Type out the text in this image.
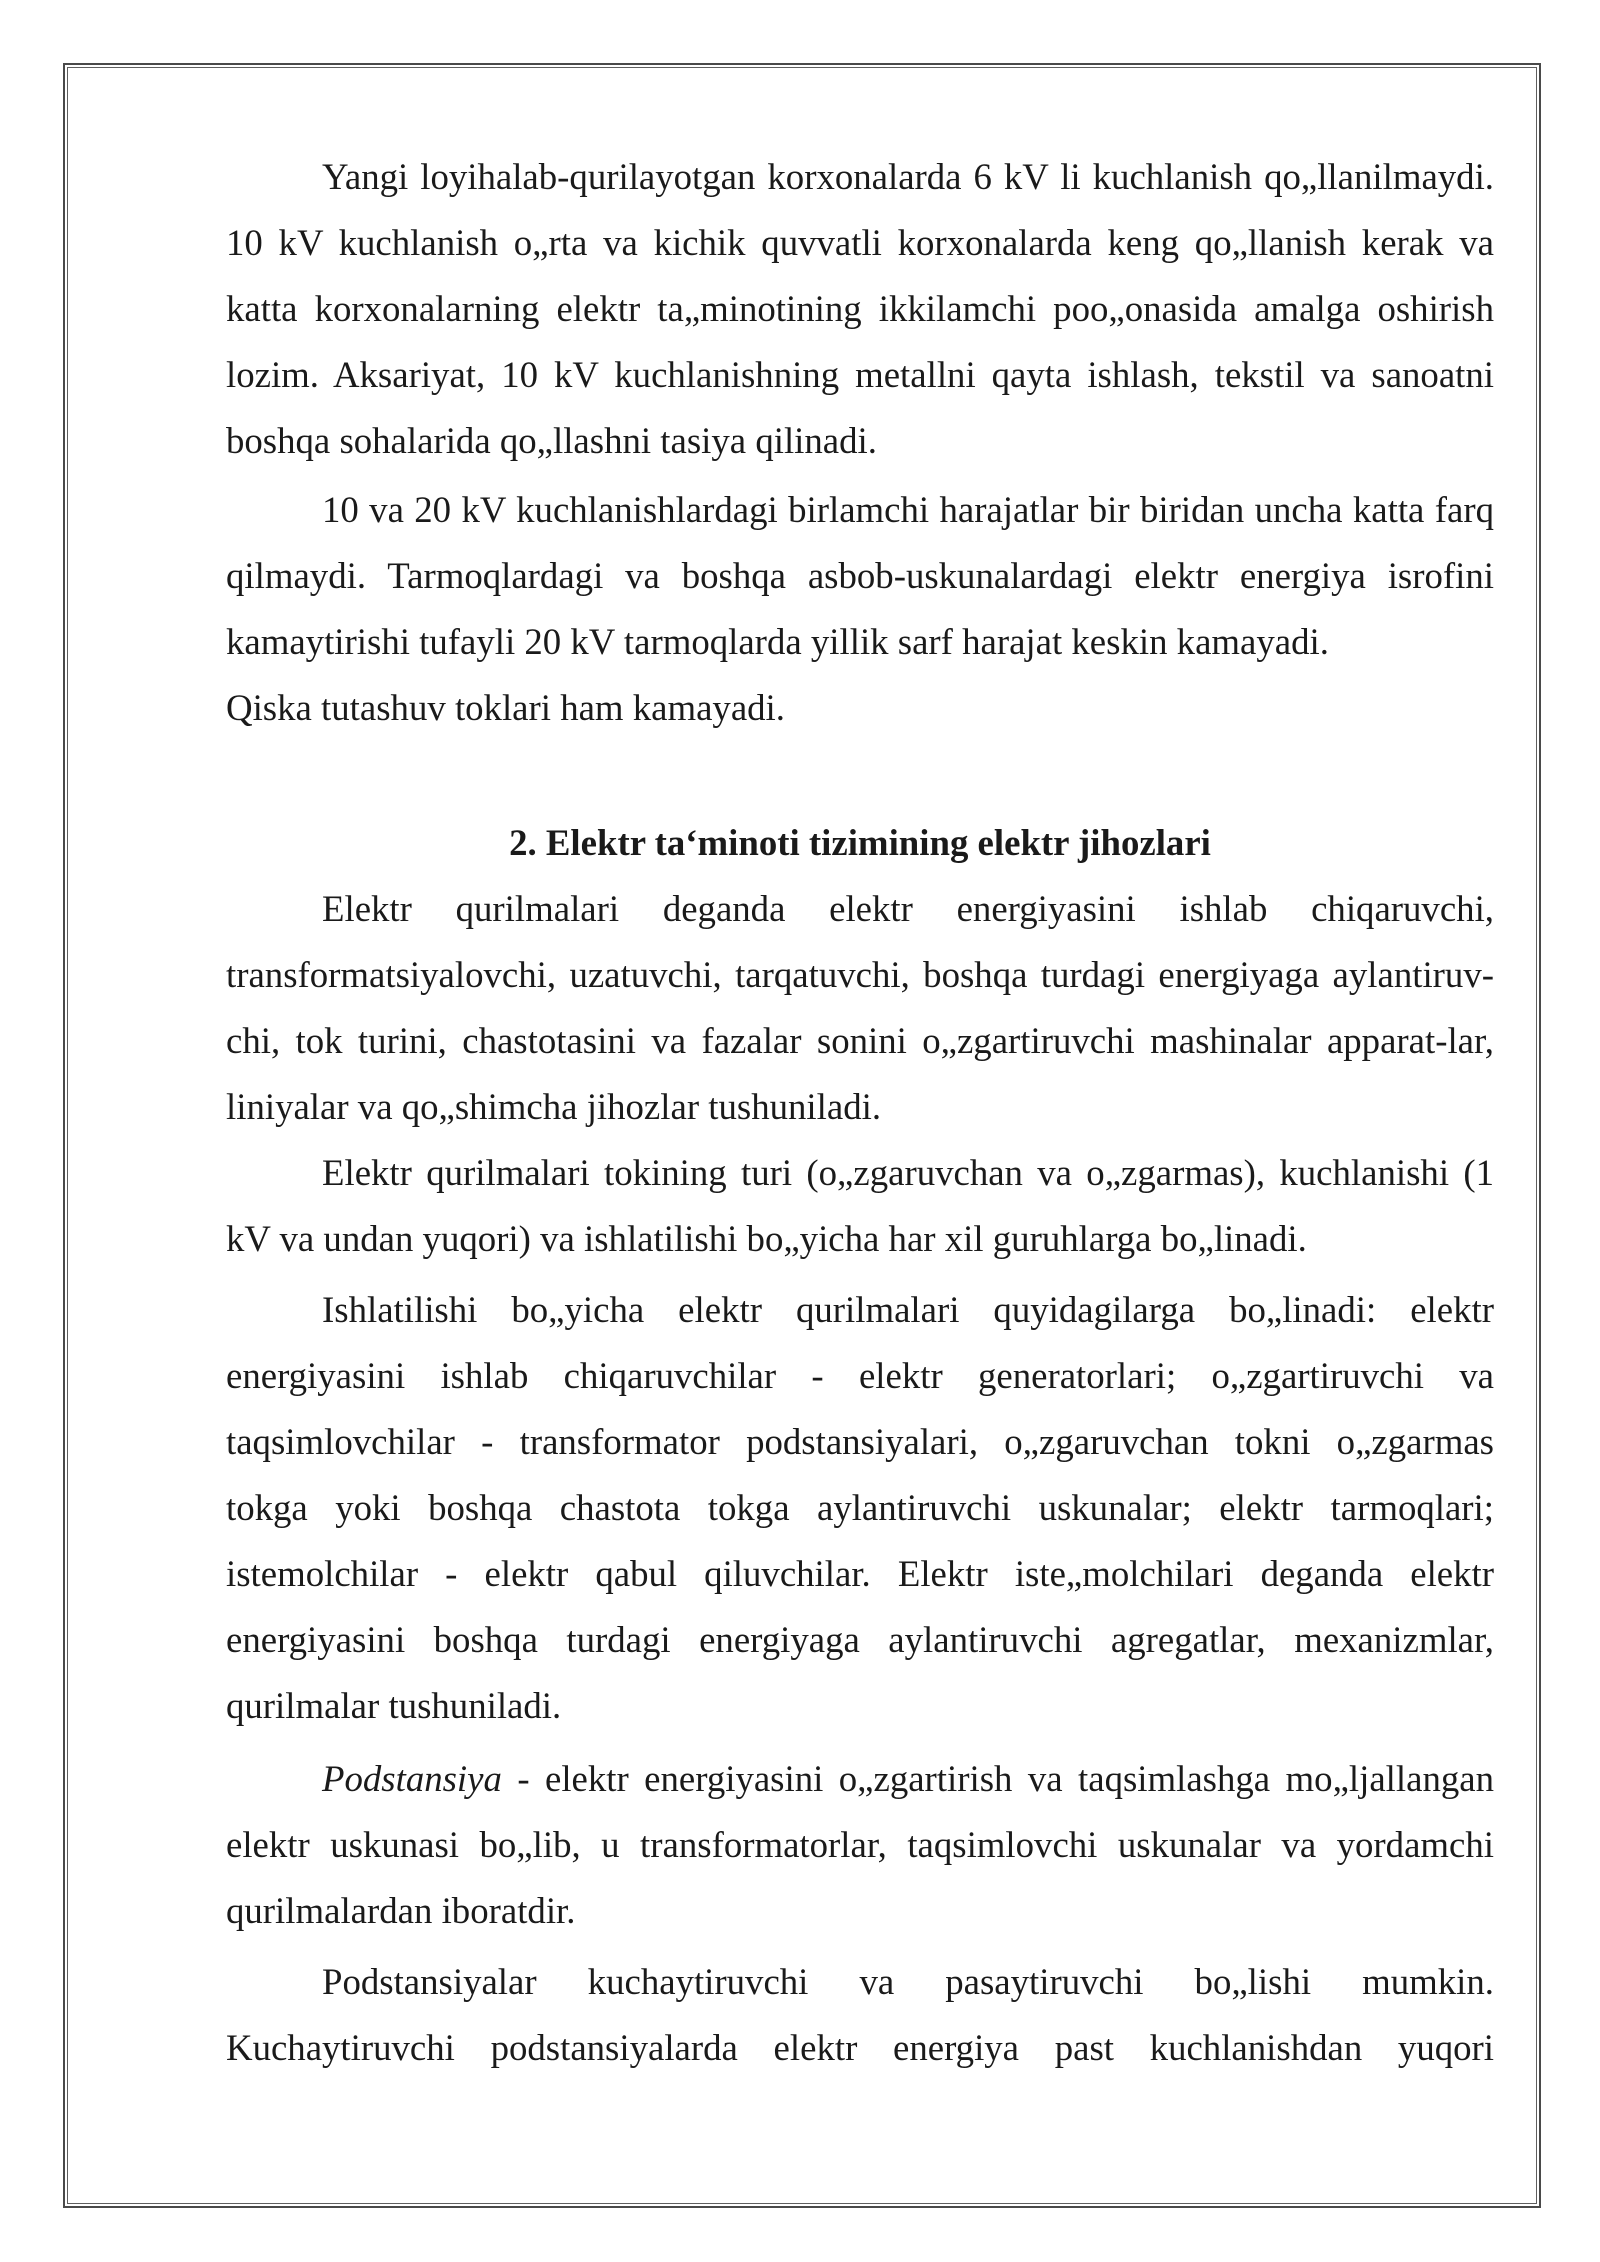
Yangi loyihalab-qurilayotgan korxonalarda 6 kV li kuchlanish qo„llanilmaydi.
10 kV kuchlanish o„rta va kichik quvvatli korxonalarda keng qo„llanish kerak va
katta korxonalarning elektr ta„minotining ikkilamchi poo„onasida amalga oshirish
lozim. Aksariyat, 10 kV kuchlanishning metallni qayta ishlash, tekstil va sanoatni
boshqa sohalarida qo„llashni tasiya qilinadi.
10 va 20 kV kuchlanishlardagi birlamchi harajatlar bir biridan uncha katta farq
qilmaydi. Tarmoqlardagi va boshqa asbob-uskunalardagi elektr energiya isrofini
kamaytirishi tufayli 20 kV tarmoqlarda yillik sarf harajat keskin kamayadi.
Qiska tutashuv toklari ham kamayadi.
2. Elektr ta‘minoti tizimining elektr jihozlari
Elektr qurilmalari deganda elektr energiyasini ishlab chiqaruvchi,
transformatsiyalovchi, uzatuvchi, tarqatuvchi, boshqa turdagi energiyaga aylantiruv-
chi, tok turini, chastotasini va fazalar sonini o„zgartiruvchi mashinalar apparat-lar,
liniyalar va qo„shimcha jihozlar tushuniladi.
Elektr qurilmalari tokining turi (o„zgaruvchan va o„zgarmas), kuchlanishi (1
kV va undan yuqori) va ishlatilishi bo„yicha har xil guruhlarga bo„linadi.
Ishlatilishi bo„yicha elektr qurilmalari quyidagilarga bo„linadi: elektr
energiyasini ishlab chiqaruvchilar - elektr generatorlari; o„zgartiruvchi va
taqsimlovchilar - transformator podstansiyalari, o„zgaruvchan tokni o„zgarmas
tokga yoki boshqa chastota tokga aylantiruvchi uskunalar; elektr tarmoqlari;
istemolchilar - elektr qabul qiluvchilar. Elektr iste„molchilari deganda elektr
energiyasini boshqa turdagi energiyaga aylantiruvchi agregatlar, mexanizmlar,
qurilmalar tushuniladi.
Podstansiya - elektr energiyasini o„zgartirish va taqsimlashga mo„ljallangan
elektr uskunasi bo„lib, u transformatorlar, taqsimlovchi uskunalar va yordamchi
qurilmalardan iboratdir.
Podstansiyalar kuchaytiruvchi va pasaytiruvchi bo„lishi mumkin.
Kuchaytiruvchi podstansiyalarda elektr energiya past kuchlanishdan yuqori
